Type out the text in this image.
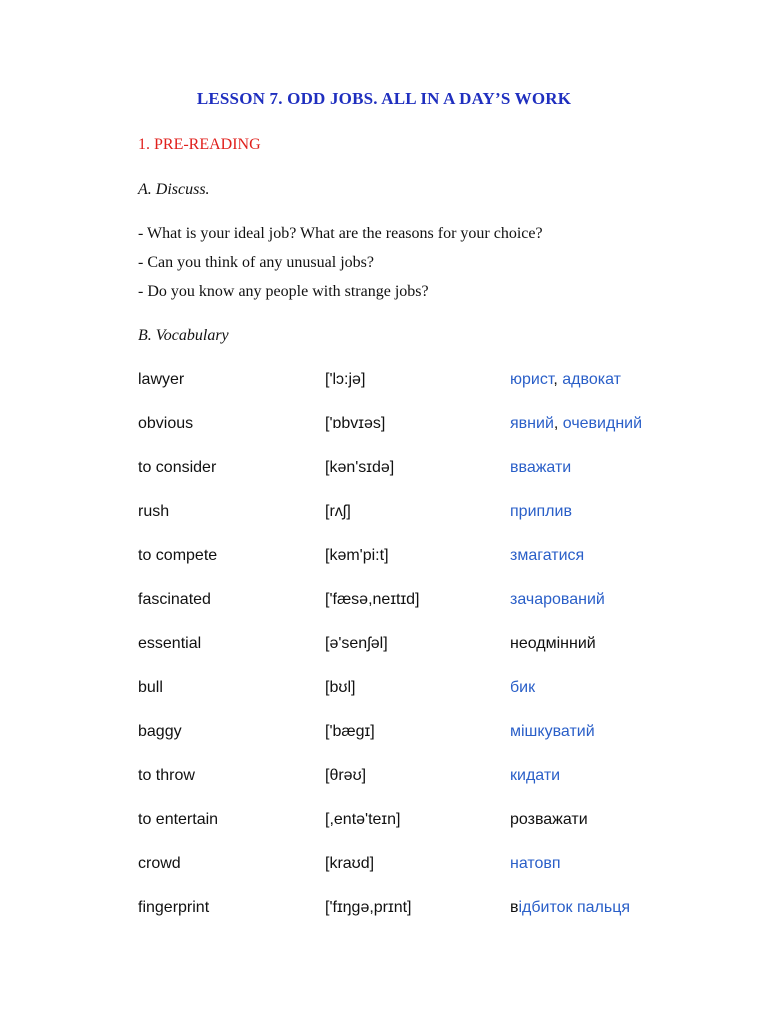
LESSON 7. ODD JOBS. ALL IN A DAY’S WORK
1. PRE-READING
A. Discuss.
- What is your ideal job? What are the reasons for your choice?
- Can you think of any unusual jobs?
- Do you know any people with strange jobs?
B. Vocabulary
lawyer	['lɔ:jə]	юрист, адвокат
obvious	['ɒbvɪəs]	явний, очевидний
to consider	[kən'sɪdə]	вважати
rush	[rʌʃ]	приплив
to compete	[kəm'pi:t]	змагатися
fascinated	['fæsə,neɪtɪd]	зачарований
essential	[ə'senʃəl]	неодмінний
bull	[bʊl]	бик
baggy	['bægɪ]	мішкуватий
to throw	[θrəʊ]	кидати
to entertain	[,entə'teɪn]	розважати
crowd	[kraʊd]	натовп
fingerprint	['fɪŋgə,prɪnt]	відбиток пальця
